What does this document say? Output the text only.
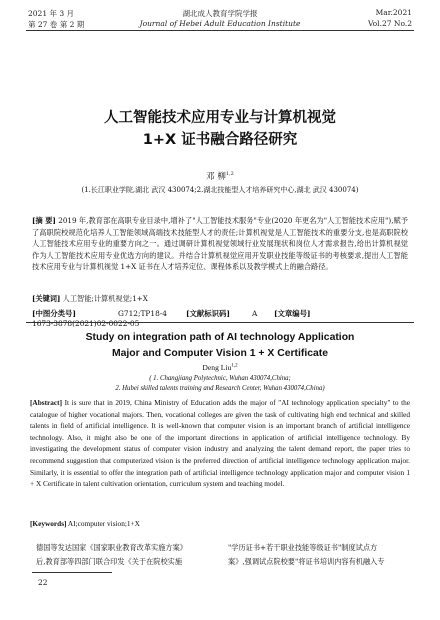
2021 年 3 月	湖北成人教育学院学报	Mar.2021
第 27 卷 第 2 期	Journal of Hebei Adult Education Institute	Vol.27 No.2
人工智能技术应用专业与计算机视觉
1+X 证书融合路径研究
邓 柳$^{1,2}$
(1.长江职业学院,湖北 武汉 430074;2.湖北技能型人才培养研究中心,湖北 武汉 430074)
[摘 要] 2019 年,教育部在高职专业目录中,增补了"人工智能技术服务"专业(2020 年更名为"人工智能技术应用"),赋予了高职院校规范化培养人工智能领域高端技术技能型人才的责任;计算机视觉是人工智能技术的重要分支,也是高职院校人工智能技术应用专业的重要方向之一。通过调研计算机视觉领域行业发展现状和岗位人才需求报告,给出计算机视觉作为人工智能技术应用专业优选方向的建议。并结合计算机视觉应用开发职业技能等级证书的考核要求,提出人工智能技术应用专业与计算机视觉 1+X 证书在人才培养定位、课程体系以及教学模式上的融合路径。
[关键词] 人工智能;计算机视觉;1+X
[中图分类号]	G712;TP18-4	[文献标识码]	A [文章编号]1673-3878(2021)02-0022-05
Study on integration path of AI technology Application
Major and Computer Vision 1 + X Certificate
Deng Liu$^{1,2}$
( 1. Changjiang Polytechnic, Wuhan 430074,China;
2. Hubei skilled talents training and Research Center, Wuhan 430074,China)
[Abstract] It is sure that in 2019, China Ministry of Education adds the major of "AI technology application specialty" to the catalogue of higher vocational majors. Then, vocational colleges are given the task of cultivating high end technical and skilled talents in field of artificial intelligence. It is well-known that computer vision is an important branch of artificial intelligence technology. Also, it might also be one of the important directions in application of artificial intelligence technology. By investigating the development status of computer vision industry and analyzing the talent demand report, the paper tries to recommend suggestion that computerized vision is the preferred direction of artificial intelligence technology application major. Similarly, it is essential to offer the integration path of artificial intelligence technology application major and computer vision 1 + X Certificate in talent cultivation orientation, curriculum system and teaching model.
[Keywords] AI;computer vision;1+X
德国等发达国家《国家职业教育改革实施方案》
后,教育部等四部门联合印发《关于在院校实施
"学历证书+若干职业技能等级证书"制度试点方
案》,强调试点院校要"将证书培训内容有机融入专
22
